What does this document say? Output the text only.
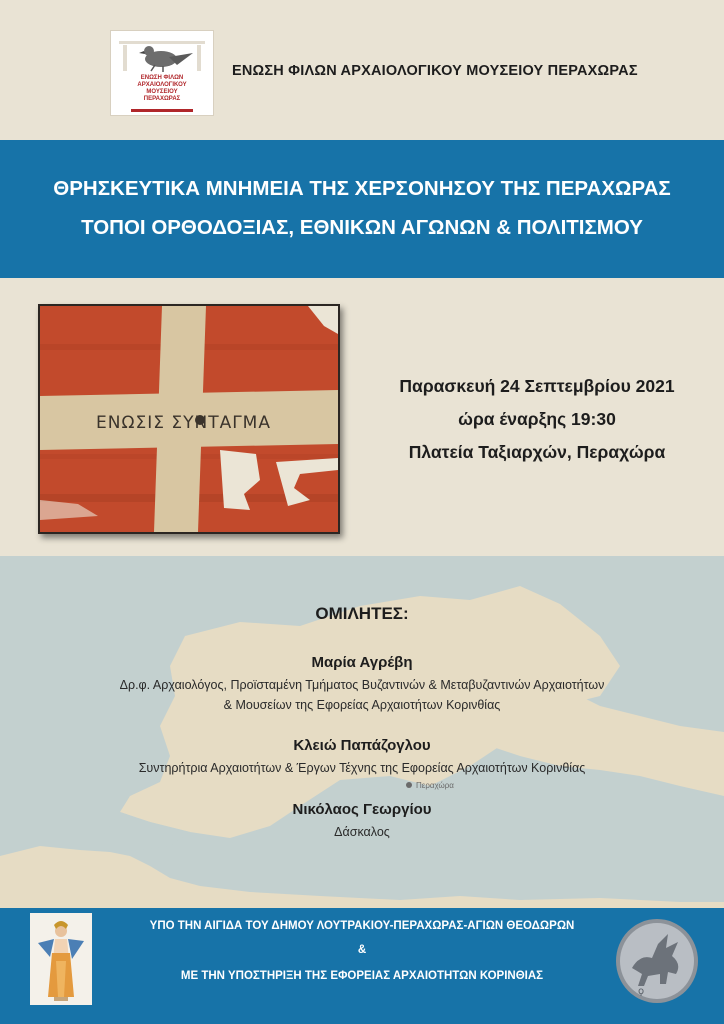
ΕΝΩΣΗ ΦΙΛΩΝ
ΑΡΧΑΙΟΛΟΓΙΚΟΥ
ΜΟΥΣΕΙΟΥ
ΠΕΡΑΧΩΡΑΣ
ΕΝΩΣΗ ΦΙΛΩΝ ΑΡΧΑΙΟΛΟΓΙΚΟΥ ΜΟΥΣΕΙΟΥ ΠΕΡΑΧΩΡΑΣ
ΘΡΗΣΚΕΥΤΙΚΑ ΜΝΗΜΕΙΑ ΤΗΣ ΧΕΡΣΟΝΗΣΟΥ ΤΗΣ ΠΕΡΑΧΩΡΑΣ
ΤΟΠΟΙ ΟΡΘΟΔΟΞΙΑΣ, ΕΘΝΙΚΩΝ ΑΓΩΝΩΝ & ΠΟΛΙΤΙΣΜΟΥ
ΕΝΩΣΙΣ ΣΥΝΤΑΓΜΑ
Παρασκευή 24 Σεπτεμβρίου 2021
ώρα έναρξης 19:30
Πλατεία Ταξιαρχών, Περαχώρα
ΟΜΙΛΗΤΕΣ:
Μαρία Αγρέβη
Δρ.φ. Αρχαιολόγος, Προϊσταμένη Τμήματος Βυζαντινών & Μεταβυζαντινών Αρχαιοτήτων
& Μουσείων της Εφορείας Αρχαιοτήτων Κορινθίας
Κλειώ Παπάζογλου
Συντηρήτρια Αρχαιοτήτων & Έργων Τέχνης της Εφορείας Αρχαιοτήτων Κορινθίας
Περαχώρα
Νικόλαος Γεωργίου
Δάσκαλος
ΥΠΟ ΤΗΝ ΑΙΓΙΔΑ ΤΟΥ ΔΗΜΟΥ ΛΟΥΤΡΑΚΙΟΥ-ΠΕΡΑΧΩΡΑΣ-ΑΓΙΩΝ ΘΕΟΔΩΡΩΝ
&
ΜΕ ΤΗΝ ΥΠΟΣΤΗΡΙΞΗ ΤΗΣ ΕΦΟΡΕΙΑΣ ΑΡΧΑΙΟΤΗΤΩΝ ΚΟΡΙΝΘΙΑΣ
ϙ
